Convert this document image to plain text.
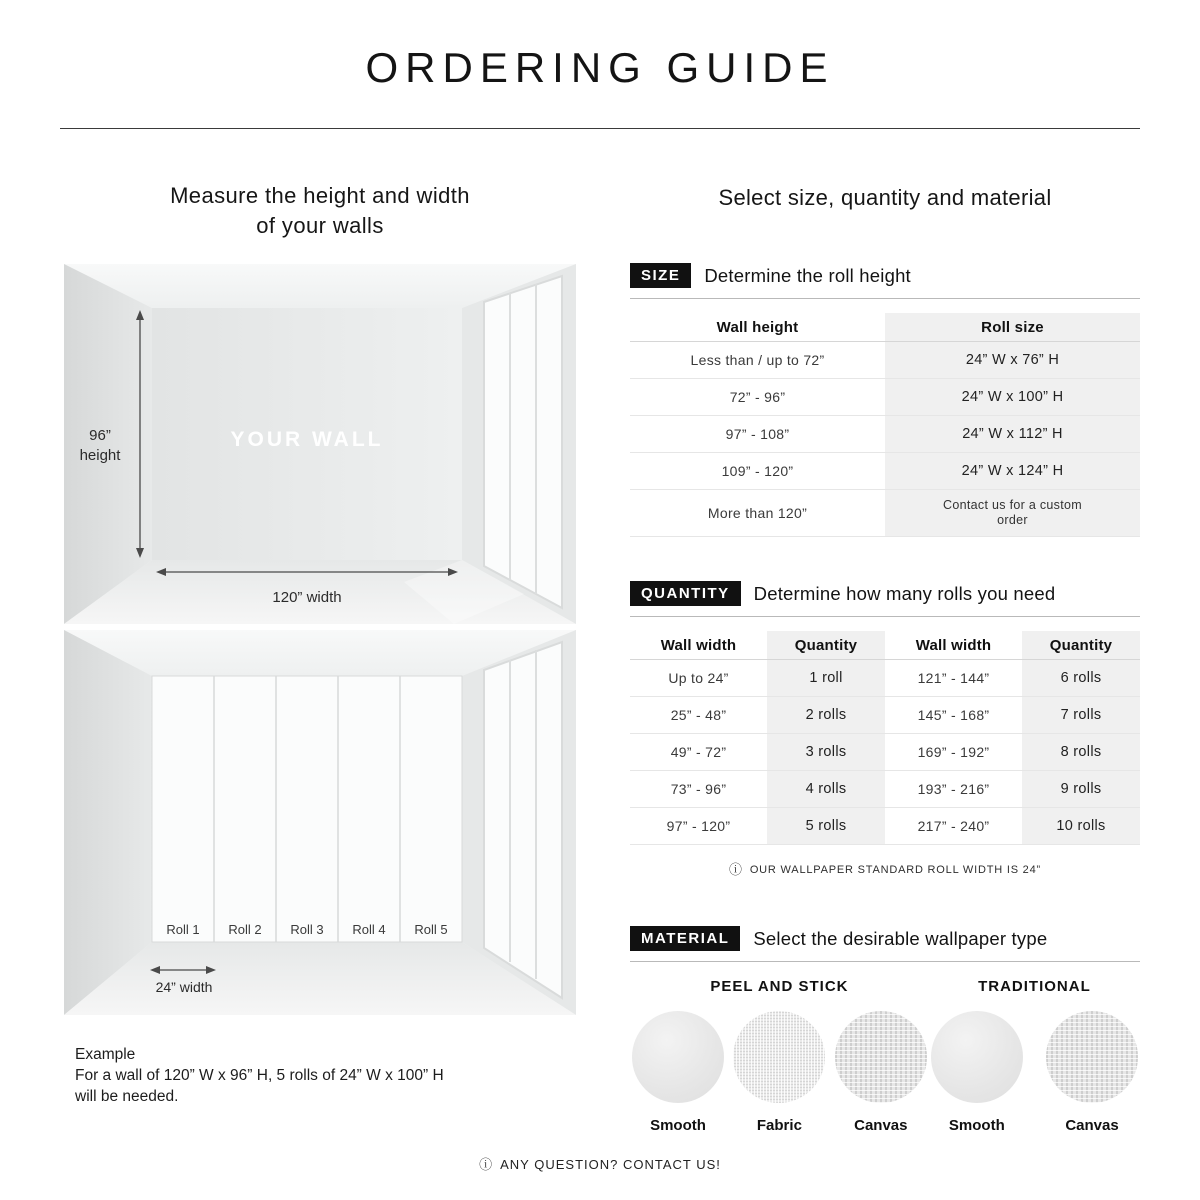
ORDERING GUIDE
Measure the height and width
of your walls
96”
height
120” width
YOUR WALL
Roll 1 Roll 2 Roll 3 Roll 4 Roll 5
24” width
Example
For a wall of 120” W x 96” H, 5 rolls of 24” W x 100” H
will be needed.
Select size, quantity and material
SIZE	Determine the roll height
Wall height	Roll size
Less than / up to 72”	24” W x 76” H
72” - 96”	24” W x 100” H
97” - 108”	24” W x 112” H
109” - 120”	24” W x 124” H
More than 120”	Contact us for a custom order
QUANTITY	Determine how many rolls you need
Wall width	Quantity	Wall width	Quantity
Up to 24”	1 roll	121” - 144”	6 rolls
25” - 48”	2 rolls	145” - 168”	7 rolls
49” - 72”	3 rolls	169” - 192”	8 rolls
73” - 96”	4 rolls	193” - 216”	9 rolls
97” - 120”	5 rolls	217” - 240”	10 rolls
ⓘ OUR WALLPAPER STANDARD ROLL WIDTH IS 24”
MATERIAL	Select the desirable wallpaper type
PEEL AND STICK
Smooth	Fabric	Canvas
TRADITIONAL
Smooth	Canvas
ⓘ ANY QUESTION? CONTACT US!
